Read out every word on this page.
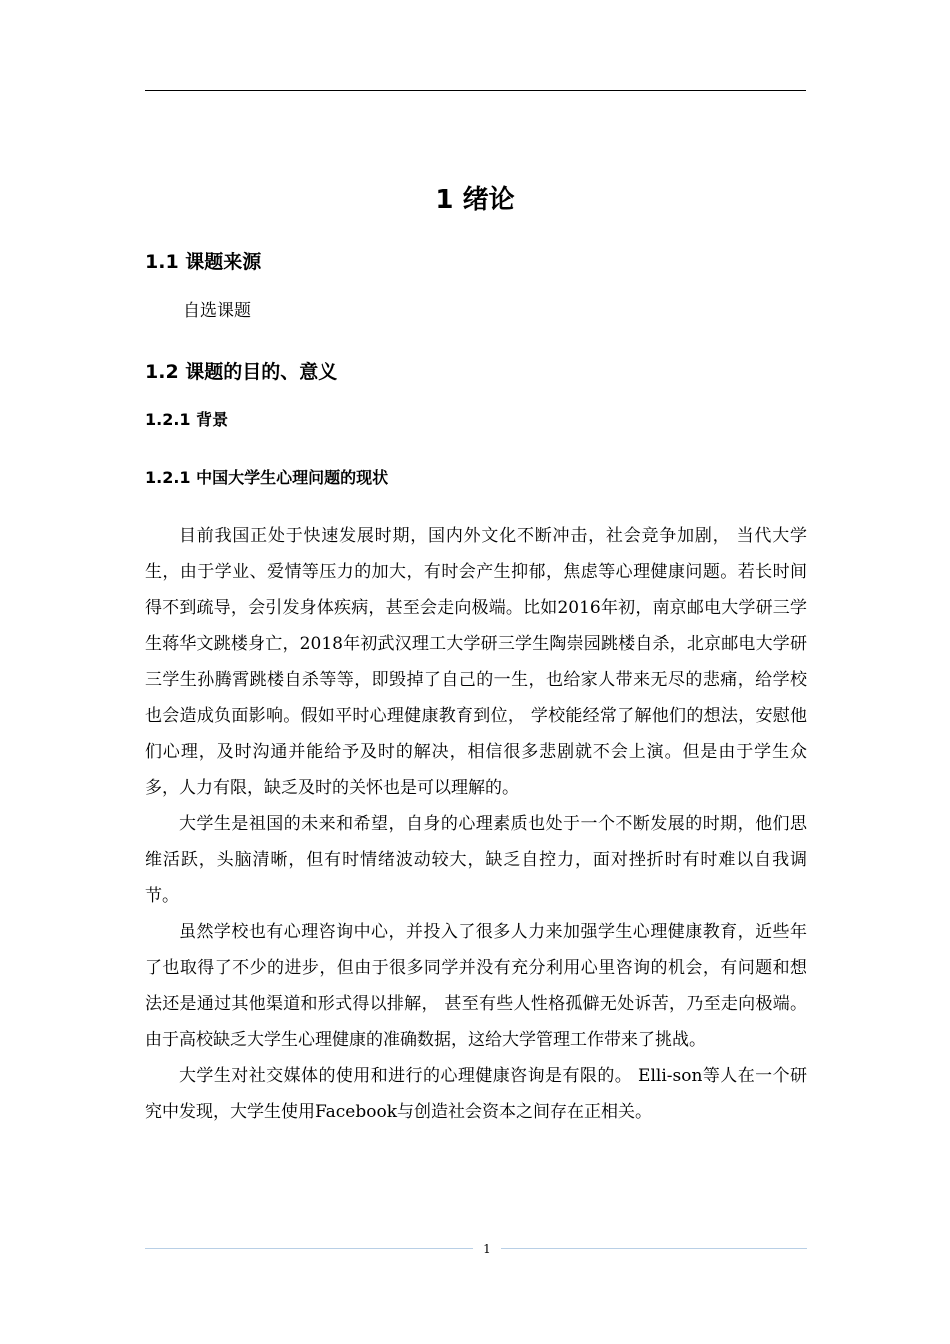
1 绪论
1.1 课题来源

自选课题

1.2 课题的目的、意义
1.2.1 背景
1.2.1 中国大学生心理问题的现状

目前我国正处于快速发展时期，国内外文化不断冲击，社会竞争加剧， 当代大学生，由于学业、爱情等压力的加大，有时会产生抑郁，焦虑等心理健康问题。若长时间得不到疏导，会引发身体疾病，甚至会走向极端。比如2016年初，南京邮电大学研三学生蒋华文跳楼身亡，2018年初武汉理工大学研三学生陶崇园跳楼自杀，北京邮电大学研三学生孙腾霄跳楼自杀等等，即毁掉了自己的一生，也给家人带来无尽的悲痛，给学校也会造成负面影响。假如平时心理健康教育到位， 学校能经常了解他们的想法，安慰他们心理，及时沟通并能给予及时的解决，相信很多悲剧就不会上演。但是由于学生众多，人力有限，缺乏及时的关怀也是可以理解的。

大学生是祖国的未来和希望，自身的心理素质也处于一个不断发展的时期，他们思维活跃，头脑清晰，但有时情绪波动较大，缺乏自控力，面对挫折时有时难以自我调节。

虽然学校也有心理咨询中心，并投入了很多人力来加强学生心理健康教育，近些年了也取得了不少的进步，但由于很多同学并没有充分利用心里咨询的机会，有问题和想法还是通过其他渠道和形式得以排解， 甚至有些人性格孤僻无处诉苦，乃至走向极端。由于高校缺乏大学生心理健康的准确数据，这给大学管理工作带来了挑战。

大学生对社交媒体的使用和进行的心理健康咨询是有限的。 Elli-son等人在一个研究中发现，大学生使用Facebook与创造社会资本之间存在正相关。

1
